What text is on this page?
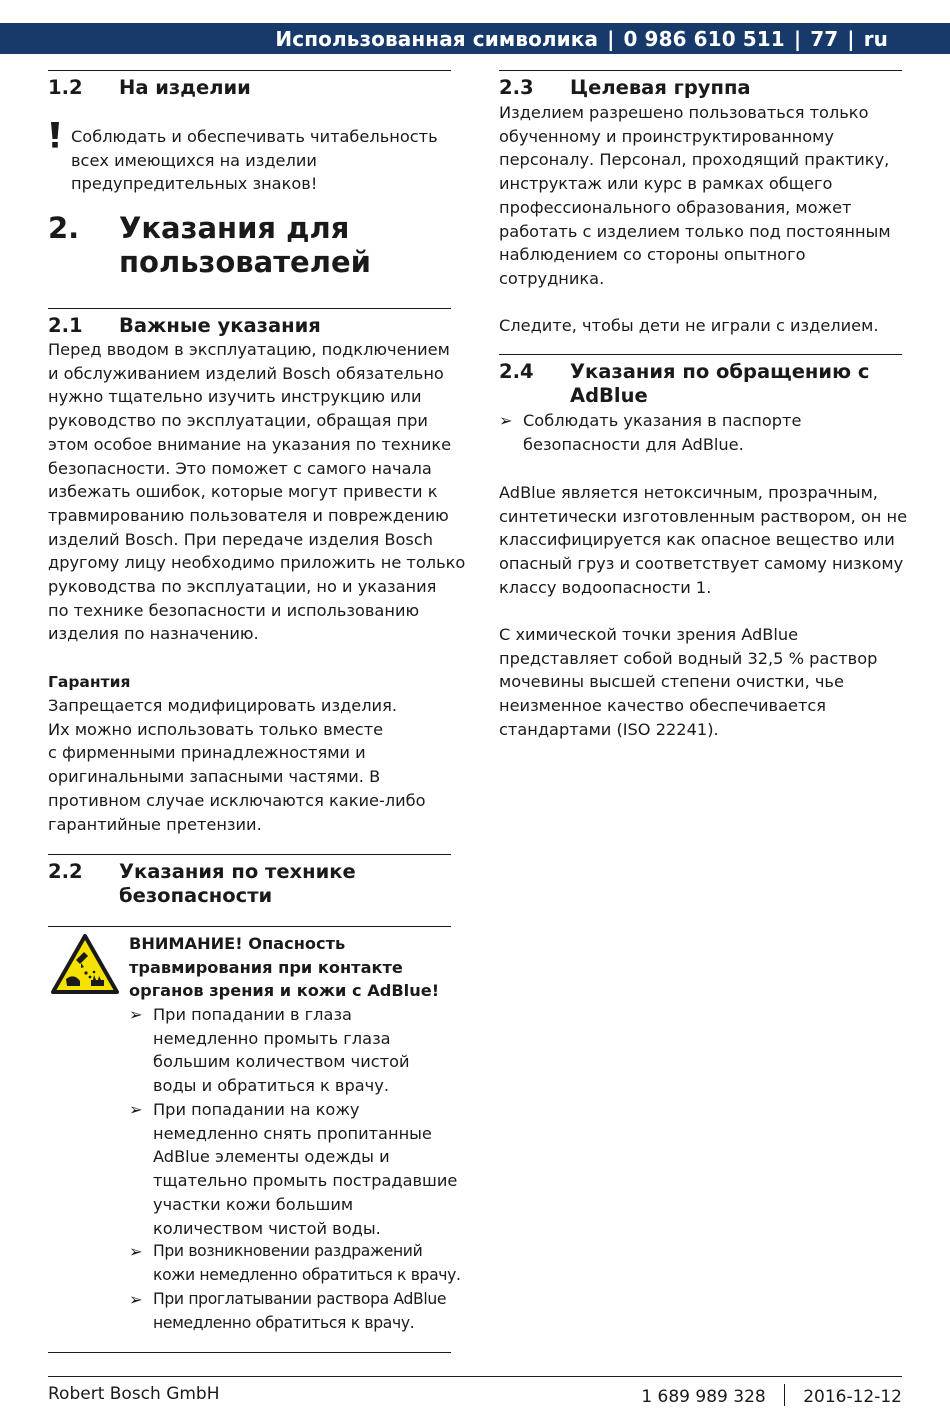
Использованная символика | 0 986 610 511 | 77 | ru
1.2 На изделии
Соблюдать и обеспечивать читабельность
всех имеющихся на изделии
предупредительных знаков!
2. Указания для
пользователей
2.1 Важные указания
Перед вводом в эксплуатацию, подключением
и обслуживанием изделий Bosch обязательно
нужно тщательно изучить инструкцию или
руководство по эксплуатации, обращая при
этом особое внимание на указания по технике
безопасности. Это поможет с самого начала
избежать ошибок, которые могут привести к
травмированию пользователя и повреждению
изделий Bosch. При передаче изделия Bosch
другому лицу необходимо приложить не только
руководства по эксплуатации, но и указания
по технике безопасности и использованию
изделия по назначению.
Гарантия
Запрещается модифицировать изделия.
Их можно использовать только вместе
с фирменными принадлежностями и
оригинальными запасными частями. В
противном случае исключаются какие-либо
гарантийные претензии.
2.2 Указания по технике
безопасности
ВНИМАНИЕ! Опасность
травмирования при контакте
органов зрения и кожи с AdBlue!
➢ При попадании в глаза
немедленно промыть глаза
большим количеством чистой
воды и обратиться к врачу.
➢ При попадании на кожу
немедленно снять пропитанные
AdBlue элементы одежды и
тщательно промыть пострадавшие
участки кожи большим
количеством чистой воды.
➢ При возникновении раздражений
кожи немедленно обратиться к врачу.
➢ При проглатывании раствора AdBlue
немедленно обратиться к врачу.
2.3 Целевая группа
Изделием разрешено пользоваться только
обученному и проинструктированному
персоналу. Персонал, проходящий практику,
инструктаж или курс в рамках общего
профессионального образования, может
работать с изделием только под постоянным
наблюдением со стороны опытного
сотрудника.
Следите, чтобы дети не играли с изделием.
2.4 Указания по обращению с
AdBlue
➢ Соблюдать указания в паспорте
безопасности для AdBlue.
AdBlue является нетоксичным, прозрачным,
синтетически изготовленным раствором, он не
классифицируется как опасное вещество или
опасный груз и соответствует самому низкому
классу водоопасности 1.
С химической точки зрения AdBlue
представляет собой водный 32,5 % раствор
мочевины высшей степени очистки, чье
неизменное качество обеспечивается
стандартами (ISO 22241).
Robert Bosch GmbH	1 689 989 328 2016-12-12
